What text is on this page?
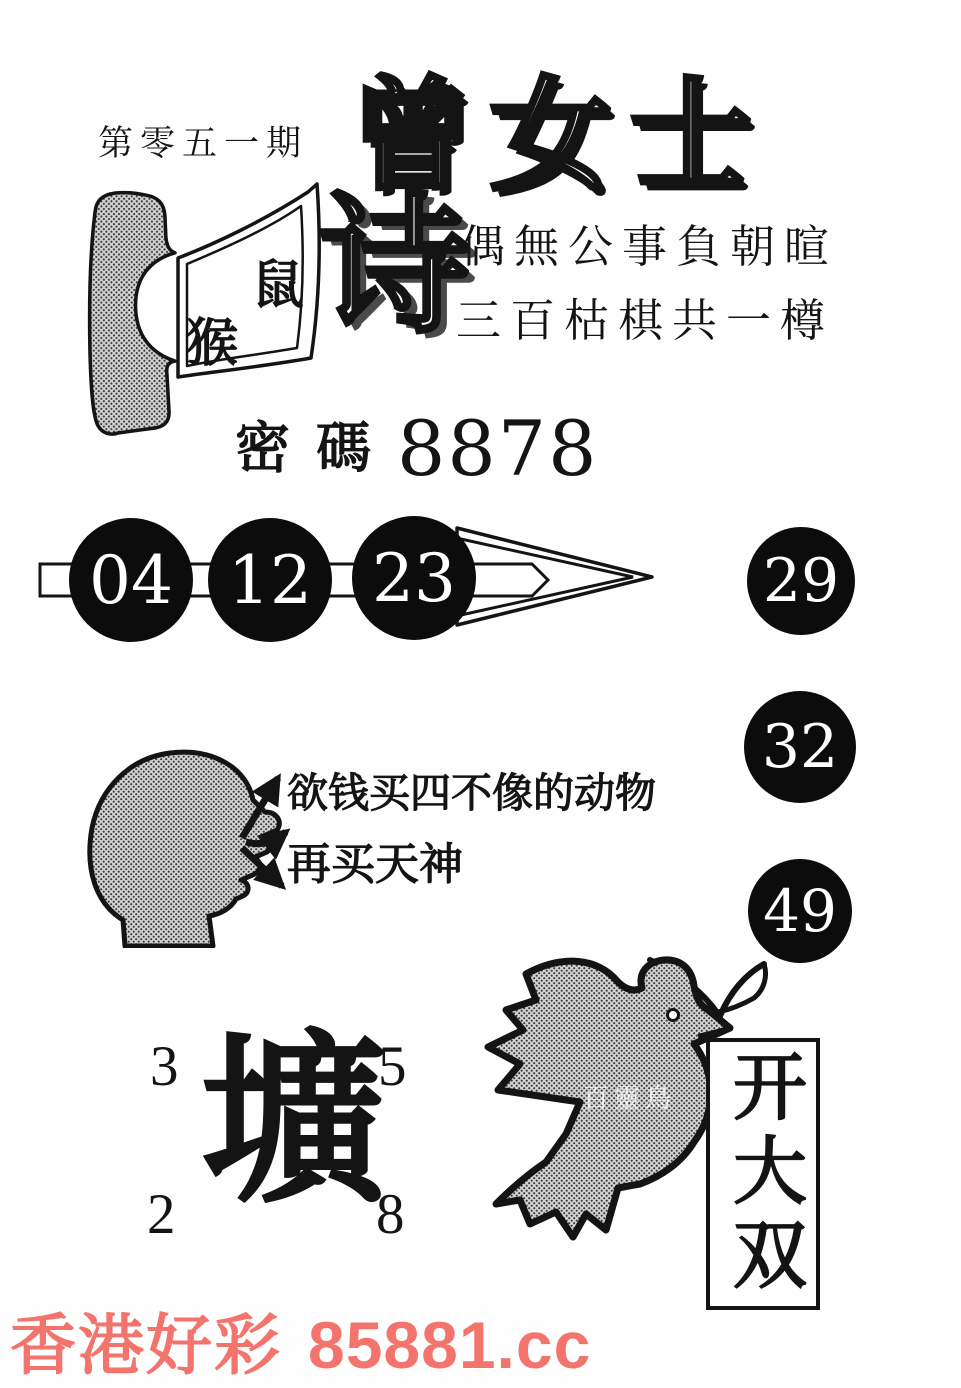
第零五一期 曾女士
鼠
猴 诗
偶無公事負朝暄
三百枯棋共一樽
密碼8878
04 12 23	29
32
49
欲钱买四不像的动物
再买天神
3	5
2	8
壙	百靈鳥 开大双
香港好彩 85881.cc
